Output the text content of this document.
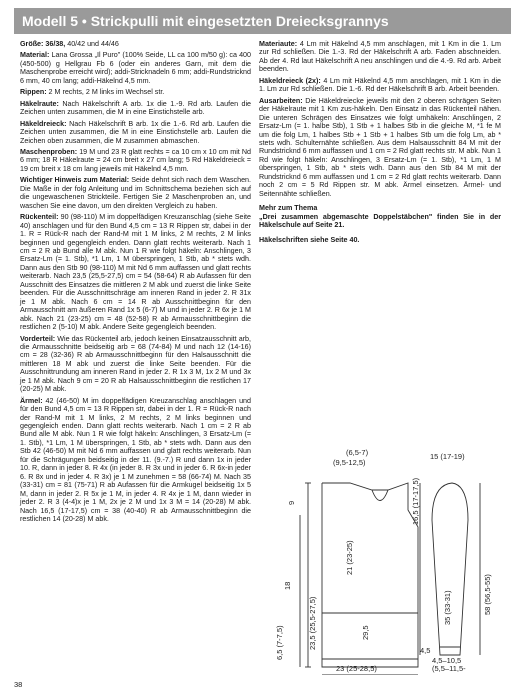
Modell 5 • Strickpulli mit eingesetzten Dreiecksgrannys

Größe: 36/38, 40/42 und 44/46

Material: Lana Grossa „Il Puro" (100% Seide, LL ca 100 m/50 g): ca 400 (450-500) g Hellgrau Fb 6 (oder ein anderes Garn, mit dem die Maschenprobe erreicht wird); addi-Stricknadeln 6 mm; addi-Rundstricknd 6 mm, 40 cm lang; addi-Häkelnd 4,5 mm.

Rippen: 2 M rechts, 2 M links im Wechsel str.

Häkelraute: Nach Häkelschrift A arb. 1x die 1.-9. Rd arb. Laufen die Zeichen unten zusammen, die M in eine Einstichstelle arb.

Häkeldreieck: Nach Häkelschrift B arb. 1x die 1.-6. Rd arb. Laufen die Zeichen unten zusammen, die M in eine Einstichstelle arb. Laufen die Zeichen oben zusammen, die M zusammen abmaschen.

Maschenproben: 19 M und 23 R glatt rechts = ca 10 cm x 10 cm mit Nd 6 mm; 18 R Häkelraute = 24 cm breit x 27 cm lang; 5 Rd Häkeldreieck = 19 cm breit x 18 cm lang jeweils mit Häkelnd 4,5 mm.

Wichtiger Hinweis zum Material: Seide dehnt sich nach dem Waschen. Die Maße in der folg Anleitung und im Schnittschema beziehen sich auf die ungewaschenen Strickteile. Fertigen Sie 2 Maschenproben an, und waschen Sie eine davon, um den direkten Vergleich zu haben.

Rückenteil: 90 (98-110) M im doppelfädigen Kreuzanschlag (siehe Seite 40) anschlagen und für den Bund 4,5 cm = 13 R Rippen str, dabei in der 1. R = Rück-R nach der Rand-M mit 1 M links, 2 M rechts, 2 M links beginnen und gegengleich enden. Dann glatt rechts weiterarb. Nach 1 cm = 2 R ab Bund alle M abk. Nun 1 R wie folgt häkeln: Anschlingen, 3 Ersatz-Lm (= 1. Stb), *1 Lm, 1 M überspringen, 1 Stb, ab * stets wdh. Dann aus den Stb 90 (98-110) M mit Nd 6 mm auffassen und glatt rechts weiterarb. Nach 23,5 (25,5-27,5) cm = 54 (58-64) R ab Aufassen für den Ausschnitt des Einsatzes die mittleren 2 M abk und zuerst die linke Seite beenden. Für die Ausschnittschräge am inneren Rand in jeder 2. R 31x je 1 M abk. Nach 6 cm = 14 R ab Ausschnittbeginn für den Armausschnitt am äußeren Rand 1x 5 (6-7) M und in jeder 2. R 6x je 1 M abk. Nach 21 (23-25) cm = 48 (52-58) R ab Armausschnittbeginn die restlichen 2 (5-10) M abk. Andere Seite gegengleich beenden.

Vorderteil: Wie das Rückenteil arb, jedoch keinen Einsatzausschnitt arb, die Armausschnitte beidseitig arb = 68 (74-84) M und nach 12 (14-16) cm = 28 (32-36) R ab Armausschnittbeginn für den Halsausschnitt die mittleren 18 M abk und zuerst die linke Seite beenden. Für die Ausschnittrundung am inneren Rand in jeder 2. R 1x 3 M, 1x 2 M und 3x je 1 M abk. Nach 9 cm = 20 R ab Halsausschnittbeginn die restlichen 17 (20-25) M abk.

Ärmel: 42 (46-50) M im doppelfädigen Kreuzanschlag anschlagen und für den Bund 4,5 cm = 13 R Rippen str, dabei in der 1. R = Rück-R nach der Rand-M mit 1 M links, 2 M rechts, 2 M links beginnen und gegengleich enden. Dann glatt rechts weiterarb. Nach 1 cm = 2 R ab Bund alle M abk. Nun 1 R wie folgt häkeln: Anschlingen, 3 Ersatz-Lm (= 1. Stb), *1 Lm, 1 M überspringen, 1 Stb, ab * stets wdh. Dann aus den Stb 42 (46-50) M mit Nd 6 mm auffassen und glatt rechts weiterarb. Nun für die Schrägungen beidseitig in der 11. (9.-7.) R und dann 1x in jeder 10. R, dann in jeder 8. R 4x (in jeder 8. R 3x und in jeder 6. R 6x-in jeder 6. R 8x und in jeder 4. R 3x) je 1 M zunehmen = 58 (66-74) M. Nach 35 (33-31) cm = 81 (75-71) R ab Aufassen für die Armkugel beidseitig 1x 5 M, dann in jeder 2. R 5x je 1 M, in jeder 4. R 4x je 1 M, dann wieder in jeder 2. R 3 (4-4)x je 1 M, 2x je 2 M und 1x 3 M = 14 (20-28) M abk. Nach 16,5 (17-17,5) cm = 38 (40-40) R ab Armausschnittbeginn die restlichen 14 (20-28) M abk.

Materiaute: 4 Lm mit Häkelnd 4,5 mm anschlagen, mit 1 Km in die 1. Lm zur Rd schließen. Die 1.-3. Rd der Häkelschrift A arb. Faden abschneiden. Ab der 4. Rd laut Häkelschrift A neu anschlingen und die 4.-9. Rd arb. Arbeit beenden.

Häkeldreieck (2x): 4 Lm mit Häkelnd 4,5 mm anschlagen, mit 1 Km in die 1. Lm zur Rd schließen. Die 1.-6. Rd der Häkelschrift B arb. Arbeit beenden.

Ausarbeiten: Die Häkeldreiecke jeweils mit den 2 oberen schrägen Seiten der Häkelraute mit 1 Km zus-häkeln. Den Einsatz in das Rückenteil nähen. Die unteren Schrägen des Einsatzes wie folgt umhäkeln: Anschlingen, 2 Ersatz-Lm (= 1. halbe Stb), 1 Stb + 1 halbes Stb in die gleiche M, *1 fe M um die folg Lm, 1 halbes Stb + 1 Stb + 1 halbes Stb um die folg Lm, ab * stets wdh. Schulternähte schließen. Aus dem Halsausschnitt 84 M mit der Rundstricknd 6 mm auffassen und 1 cm = 2 Rd glatt rechts str. M abk. Nun 1 Rd wie folgt häkeln: Anschlingen, 3 Ersatz-Lm (= 1. Stb), *1 Lm, 1 M überspringen, 1 Stb, ab * stets wdh. Dann aus den Stb 84 M mit der Rundstricknd 6 mm auffassen und 1 cm = 2 Rd glatt rechts weiterarb. Dann noch 2 cm = 5 Rd Rippen str. M abk. Ärmel einsetzen. Ärmel- und Seitennähte schließen.

Mehr zum Thema
„Drei zusammen abgemaschte Doppelstäbchen" finden Sie in der Häkelschule auf Seite 21.

Häkelschriften siehe Seite 40.

(6,5-7)
(9,5-12,5)
9
18
23,5 (25,5-27,5)
6,5 (7-7,5)
21 (23-25)
29,5
23 (25-28,5)
15 (17-19)
16,5 (17-17,5)
35 (33-31)	58 (56,5-55)
4,5
4,5–10,5
(5,5–11,5-
38
